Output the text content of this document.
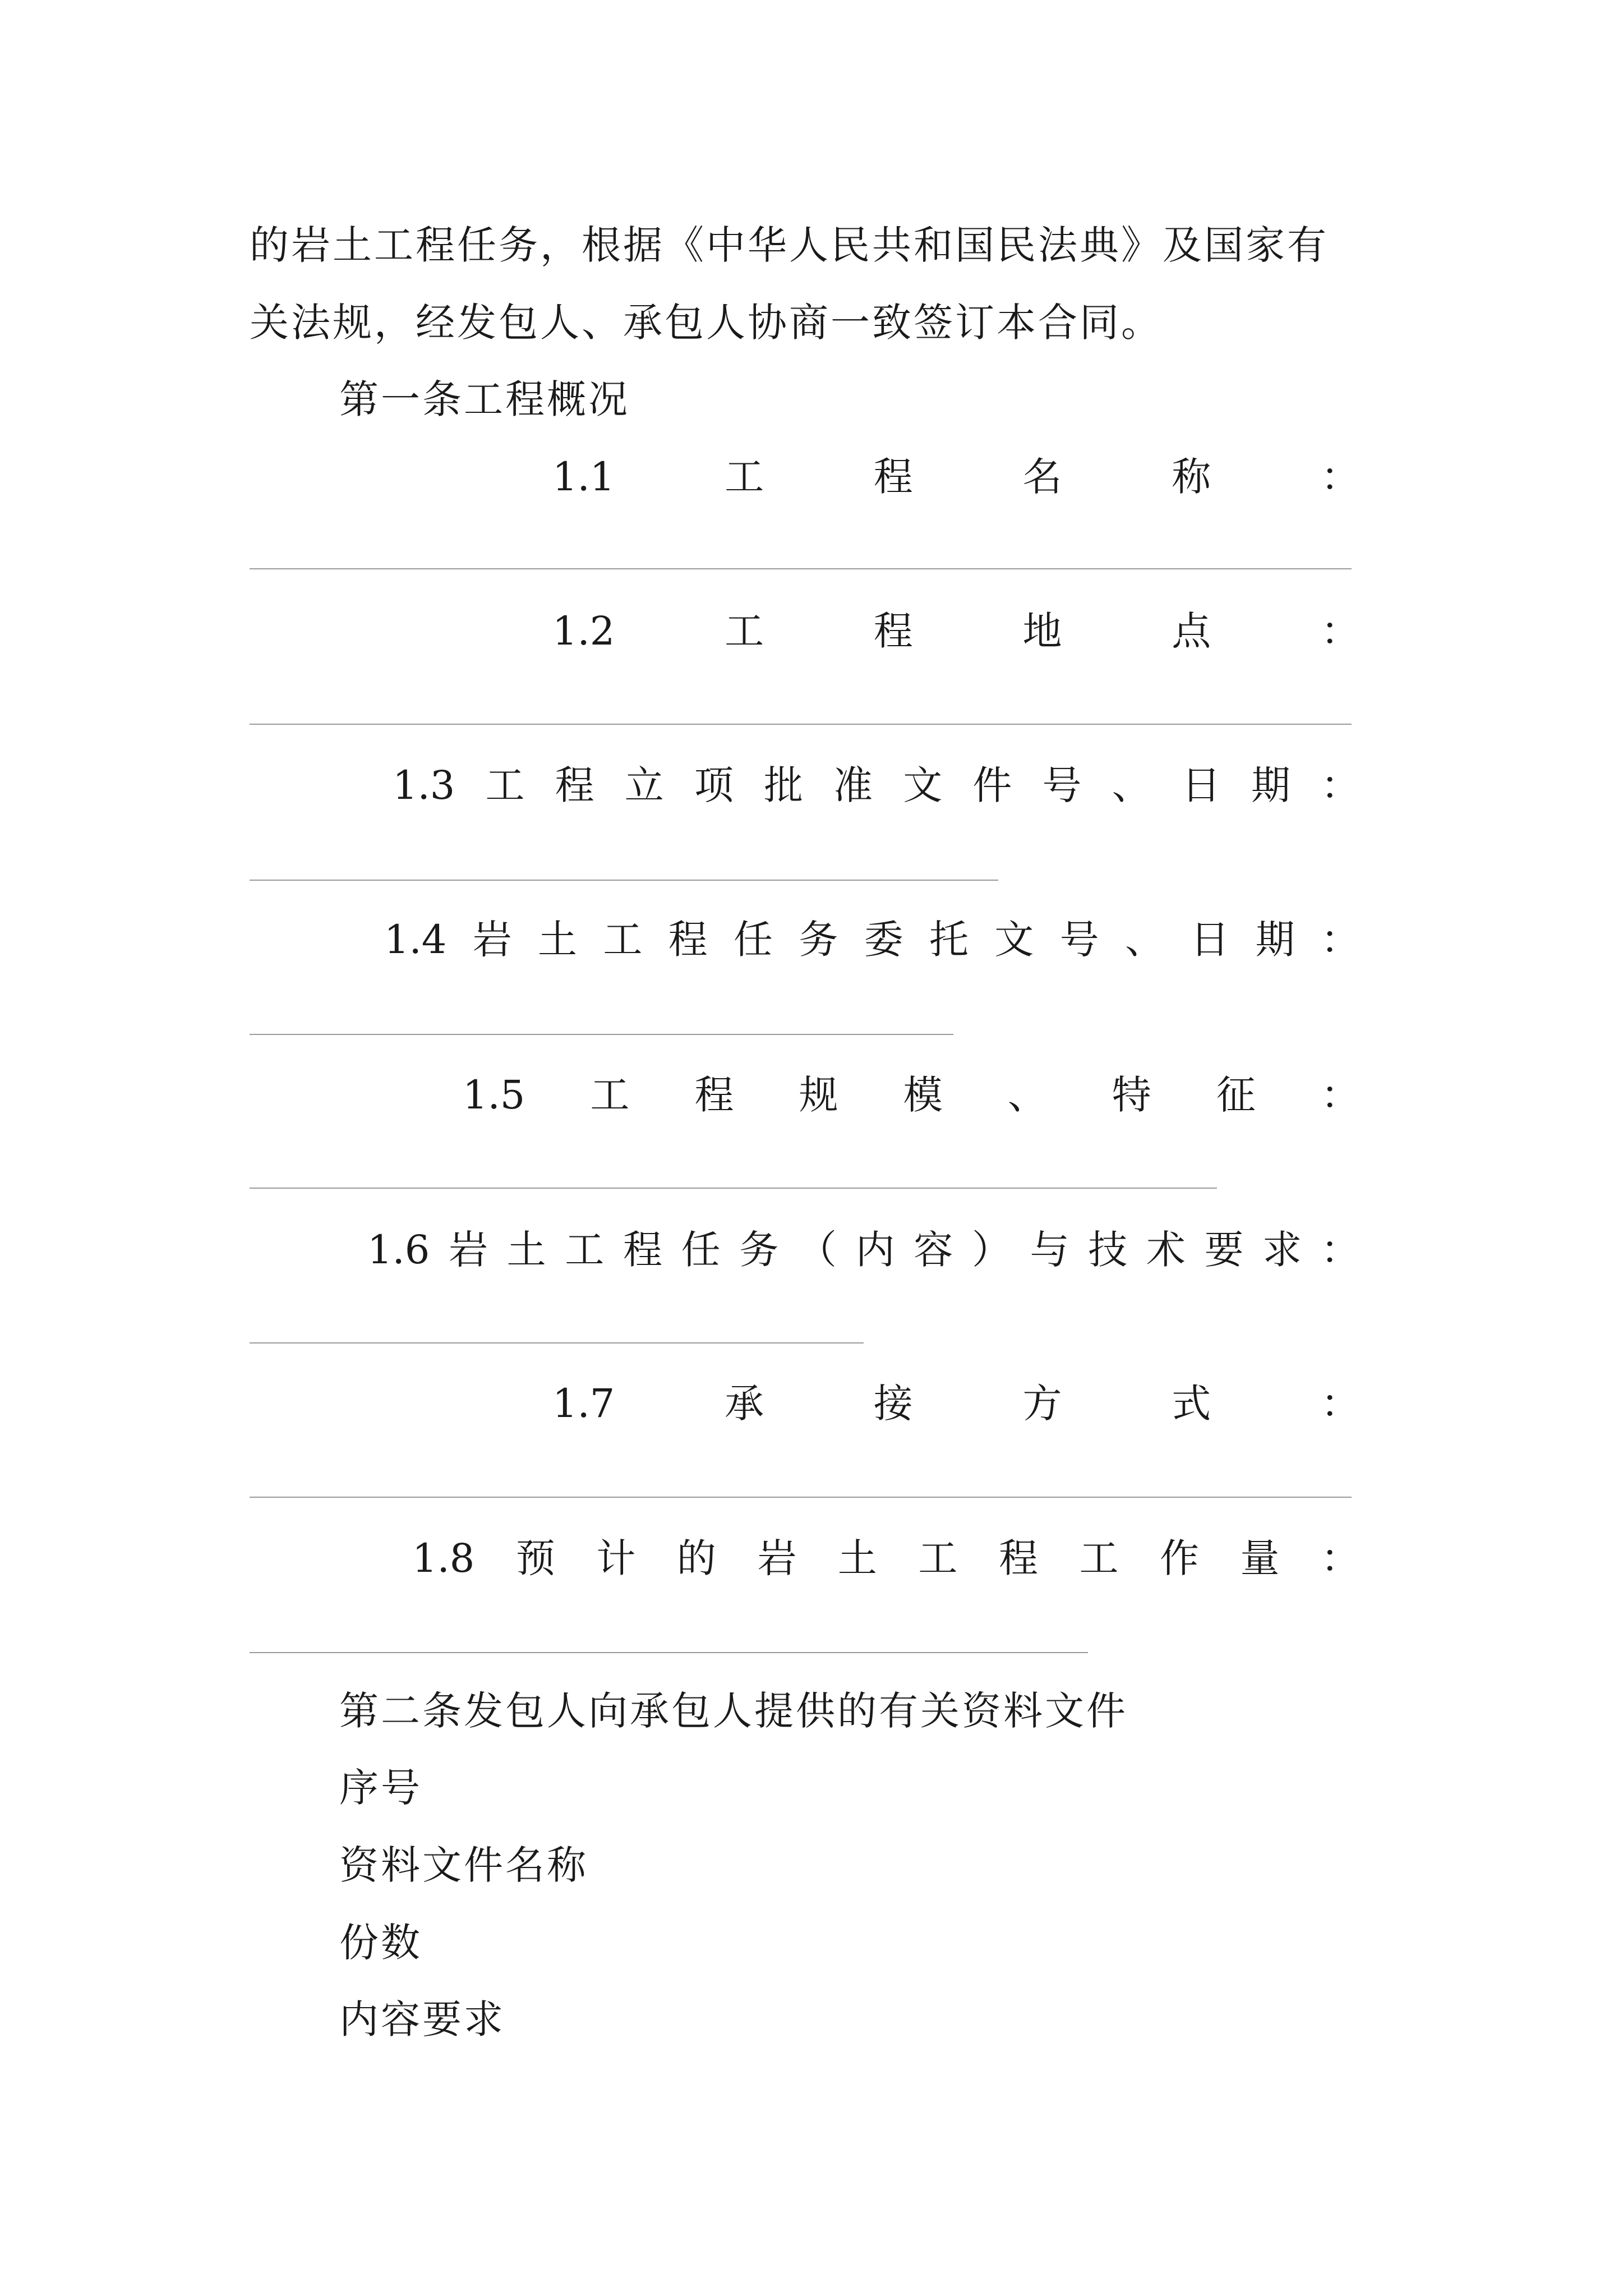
的岩土工程任务，根据《中华人民共和国民法典》及国家有
关法规，经发包人、承包人协商一致签订本合同。
第一条工程概况
1.1	工	程	名	称	：
1.2	工	程	地	点	：
1.3 工 程 立 项 批 准 文 件 号 、 日 期 ：
1.4 岩 土 工 程 任 务 委 托 文 号 、 日 期 ：
1.5 工 程 规 模 、 特 征 ：
1.6 岩 土 工 程 任 务 （ 内 容 ） 与 技 术 要 求 ：
1.7	承	接	方	式	：
1.8 预 计 的 岩 土 工 程 工 作 量 ：
第二条发包人向承包人提供的有关资料文件
序号
资料文件名称
份数
内容要求
